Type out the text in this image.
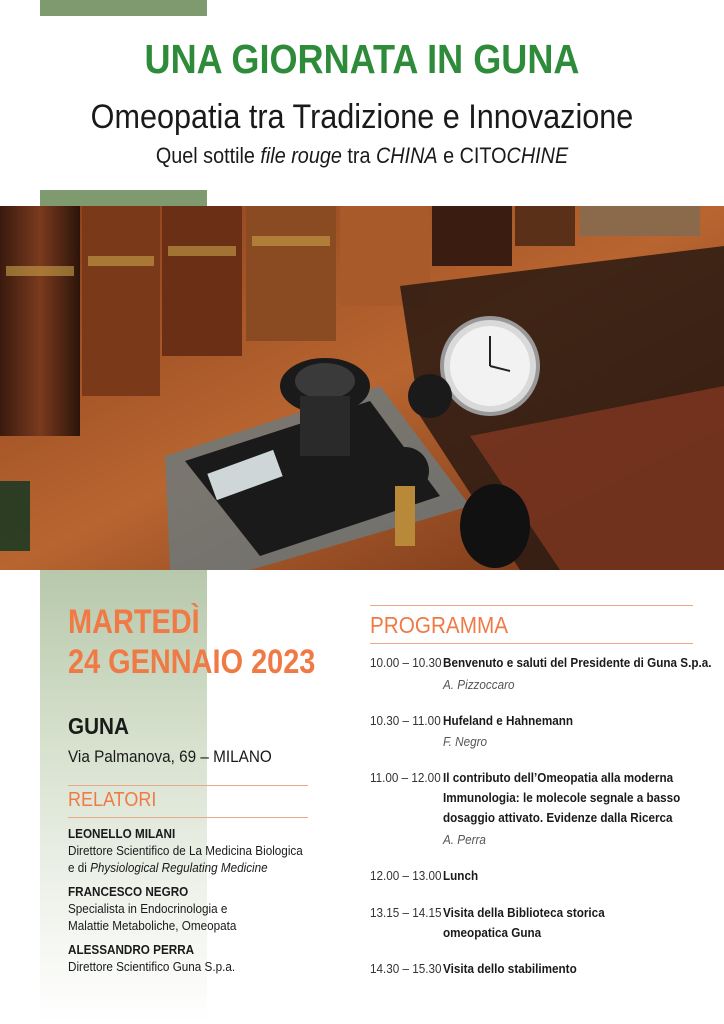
UNA GIORNATA IN GUNA
Omeopatia tra Tradizione e Innovazione
Quel sottile file rouge tra CHINA e CITOCHINE
MARTEDÌ
24 GENNAIO 2023
GUNA
Via Palmanova, 69 – MILANO
RELATORI
LEONELLO MILANI
Direttore Scientifico de La Medicina Biologica
e di Physiological Regulating Medicine
FRANCESCO NEGRO
Specialista in Endocrinologia e
Malattie Metaboliche, Omeopata
ALESSANDRO PERRA
Direttore Scientifico Guna S.p.a.
PROGRAMMA
10.00 – 10.30 Benvenuto e saluti del Presidente di Guna S.p.a.
A. Pizzoccaro
10.30 – 11.00 Hufeland e Hahnemann
F. Negro
11.00 – 12.00 Il contributo dell’Omeopatia alla moderna
Immunologia: le molecole segnale a basso
dosaggio attivato. Evidenze dalla Ricerca
A. Perra
12.00 – 13.00 Lunch
13.15 – 14.15 Visita della Biblioteca storica
omeopatica Guna
14.30 – 15.30 Visita dello stabilimento
